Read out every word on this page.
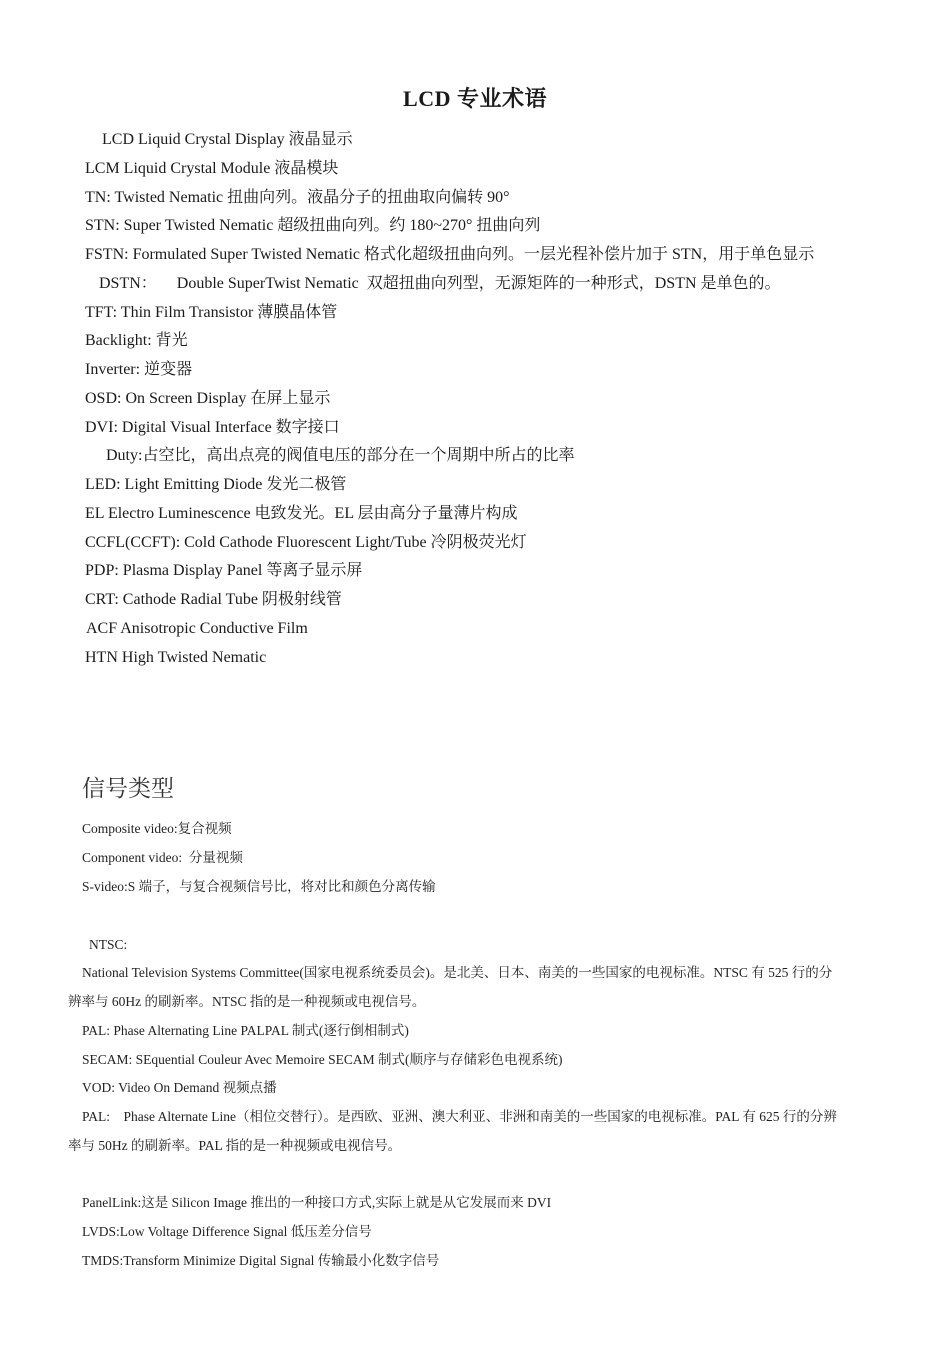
LCD 专业术语
LCD Liquid Crystal Display 液晶显示
LCM Liquid Crystal Module 液晶模块
TN: Twisted Nematic 扭曲向列。液晶分子的扭曲取向偏转 90°
STN: Super Twisted Nematic 超级扭曲向列。约 180~270° 扭曲向列
FSTN: Formulated Super Twisted Nematic 格式化超级扭曲向列。一层光程补偿片加于 STN，用于单色显示
DSTN：     Double SuperTwist Nematic  双超扭曲向列型，无源矩阵的一种形式，DSTN 是单色的。
TFT: Thin Film Transistor 薄膜晶体管
Backlight: 背光
Inverter: 逆变器
OSD: On Screen Display 在屏上显示
DVI: Digital Visual Interface 数字接口
Duty:占空比，高出点亮的阀值电压的部分在一个周期中所占的比率
LED: Light Emitting Diode 发光二极管
EL Electro Luminescence 电致发光。EL 层由高分子量薄片构成
CCFL(CCFT): Cold Cathode Fluorescent Light/Tube 冷阴极荧光灯
PDP: Plasma Display Panel 等离子显示屏
CRT: Cathode Radial Tube 阴极射线管
ACF Anisotropic Conductive Film
HTN High Twisted Nematic
信号类型
Composite video:复合视频
Component video:  分量视频
S-video:S 端子，与复合视频信号比，将对比和颜色分离传输
NTSC:
National Television Systems Committee(国家电视系统委员会)。是北美、日本、南美的一些国家的电视标准。NTSC 有 525 行的分
辨率与 60Hz 的刷新率。NTSC 指的是一种视频或电视信号。
PAL: Phase Alternating Line PALPAL 制式(逐行倒相制式)
SECAM: SEquential Couleur Avec Memoire SECAM 制式(顺序与存储彩色电视系统)
VOD: Video On Demand 视频点播
PAL:    Phase Alternate Line（相位交替行）。是西欧、亚洲、澳大利亚、非洲和南美的一些国家的电视标准。PAL 有 625 行的分辨
率与 50Hz 的刷新率。PAL 指的是一种视频或电视信号。
PanelLink:这是 Silicon Image 推出的一种接口方式,实际上就是从它发展而来 DVI
LVDS:Low Voltage Difference Signal 低压差分信号
TMDS:Transform Minimize Digital Signal 传输最小化数字信号
